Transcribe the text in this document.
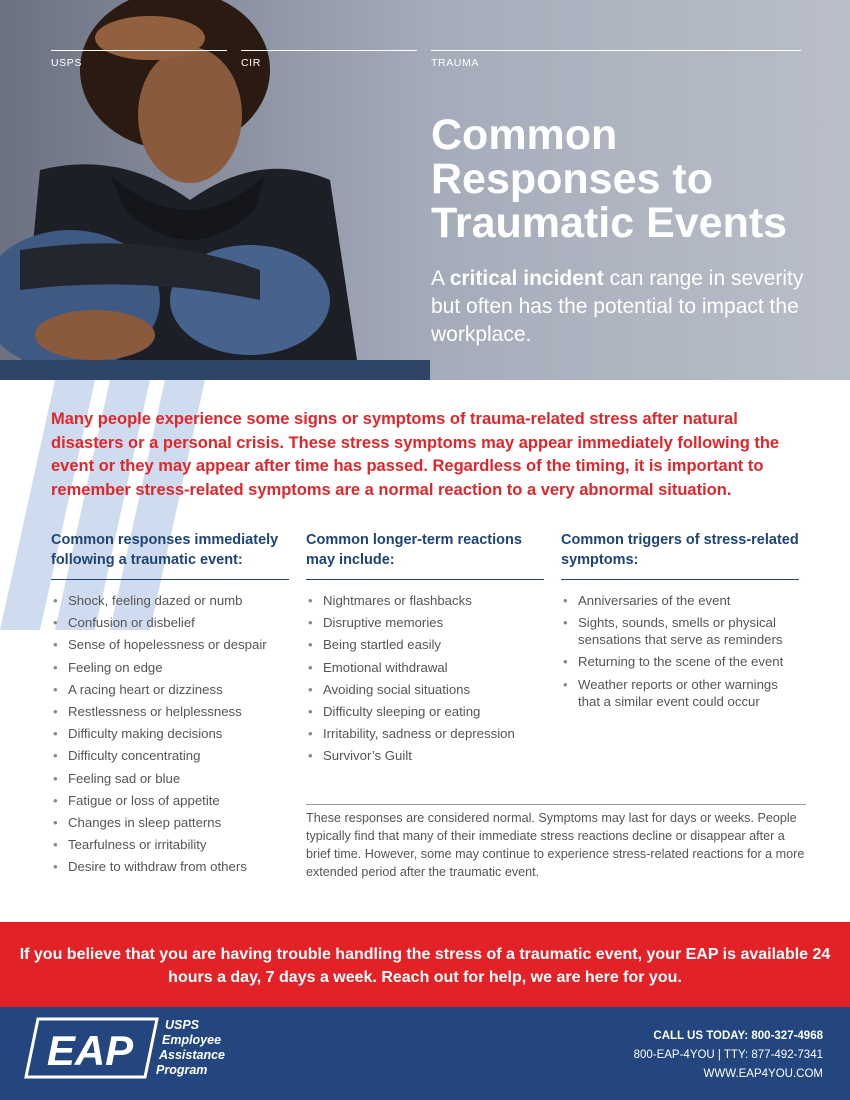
USPS	CIR	TRAUMA
Common
Responses to
Traumatic Events
A critical incident can range in severity but often has the potential to impact the workplace.
Many people experience some signs or symptoms of trauma-related stress after natural disasters or a personal crisis. These stress symptoms may appear immediately following the event or they may appear after time has passed. Regardless of the timing, it is important to remember stress-related symptoms are a normal reaction to a very abnormal situation.
Common responses immediately following a traumatic event:
• Shock, feeling dazed or numb
• Confusion or disbelief
• Sense of hopelessness or despair
• Feeling on edge
• A racing heart or dizziness
• Restlessness or helplessness
• Difficulty making decisions
• Difficulty concentrating
• Feeling sad or blue
• Fatigue or loss of appetite
• Changes in sleep patterns
• Tearfulness or irritability
• Desire to withdraw from others
Common longer-term reactions may include:
• Nightmares or flashbacks
• Disruptive memories
• Being startled easily
• Emotional withdrawal
• Avoiding social situations
• Difficulty sleeping or eating
• Irritability, sadness or depression
• Survivor’s Guilt
Common triggers of stress-related symptoms:
• Anniversaries of the event
• Sights, sounds, smells or physical sensations that serve as reminders
• Returning to the scene of the event
• Weather reports or other warnings that a similar event could occur
These responses are considered normal. Symptoms may last for days or weeks. People typically find that many of their immediate stress reactions decline or disappear after a brief time. However, some may continue to experience stress-related reactions for a more extended period after the traumatic event.
If you believe that you are having trouble handling the stress of a traumatic event, your EAP is available 24 hours a day, 7 days a week. Reach out for help, we are here for you.
EAP
USPS
Employee
Assistance
Program
CALL US TODAY: 800-327-4968
800-EAP-4YOU | TTY: 877-492-7341
WWW.EAP4YOU.COM
